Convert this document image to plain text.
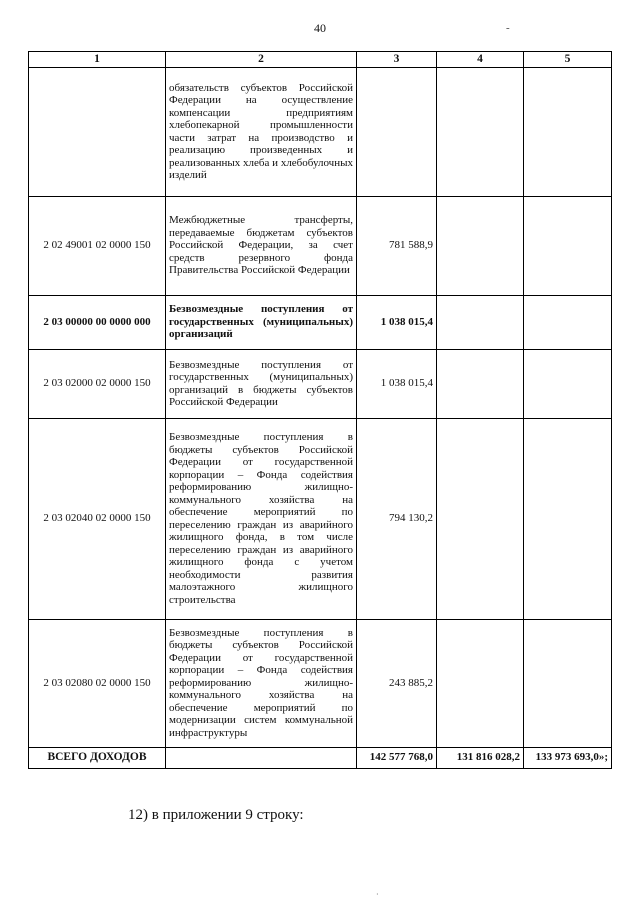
40	-
1	2	3	4	5
	обязательств субъектов Российской Федерации на осуществление компенсации предприятиям хлебопекарной промышленности части затрат на производство и реализацию произведенных и реализованных хлеба и хлебобулочных изделий			
2 02 49001 02 0000 150	Межбюджетные трансферты, передаваемые бюджетам субъектов Российской Федерации, за счет средств резервного фонда Правительства Российской Федерации	781 588,9		
2 03 00000 00 0000 000	Безвозмездные поступления от государственных (муниципальных) организаций	1 038 015,4		
2 03 02000 02 0000 150	Безвозмездные поступления от государственных (муниципальных) организаций в бюджеты субъектов Российской Федерации	1 038 015,4		
2 03 02040 02 0000 150	Безвозмездные поступления в бюджеты субъектов Российской Федерации от государственной корпорации – Фонда содействия реформированию жилищно-коммунального хозяйства на обеспечение мероприятий по переселению граждан из аварийного жилищного фонда, в том числе переселению граждан из аварийного жилищного фонда с учетом необходимости развития малоэтажного жилищного строительства	794 130,2		
2 03 02080 02 0000 150	Безвозмездные поступления в бюджеты субъектов Российской Федерации от государственной корпорации – Фонда содействия реформированию жилищно-коммунального хозяйства на обеспечение мероприятий по модернизации систем коммунальной инфраструктуры	243 885,2		
ВСЕГО ДОХОДОВ		142 577 768,0	131 816 028,2	133 973 693,0»;
12) в приложении 9 строку:
·
